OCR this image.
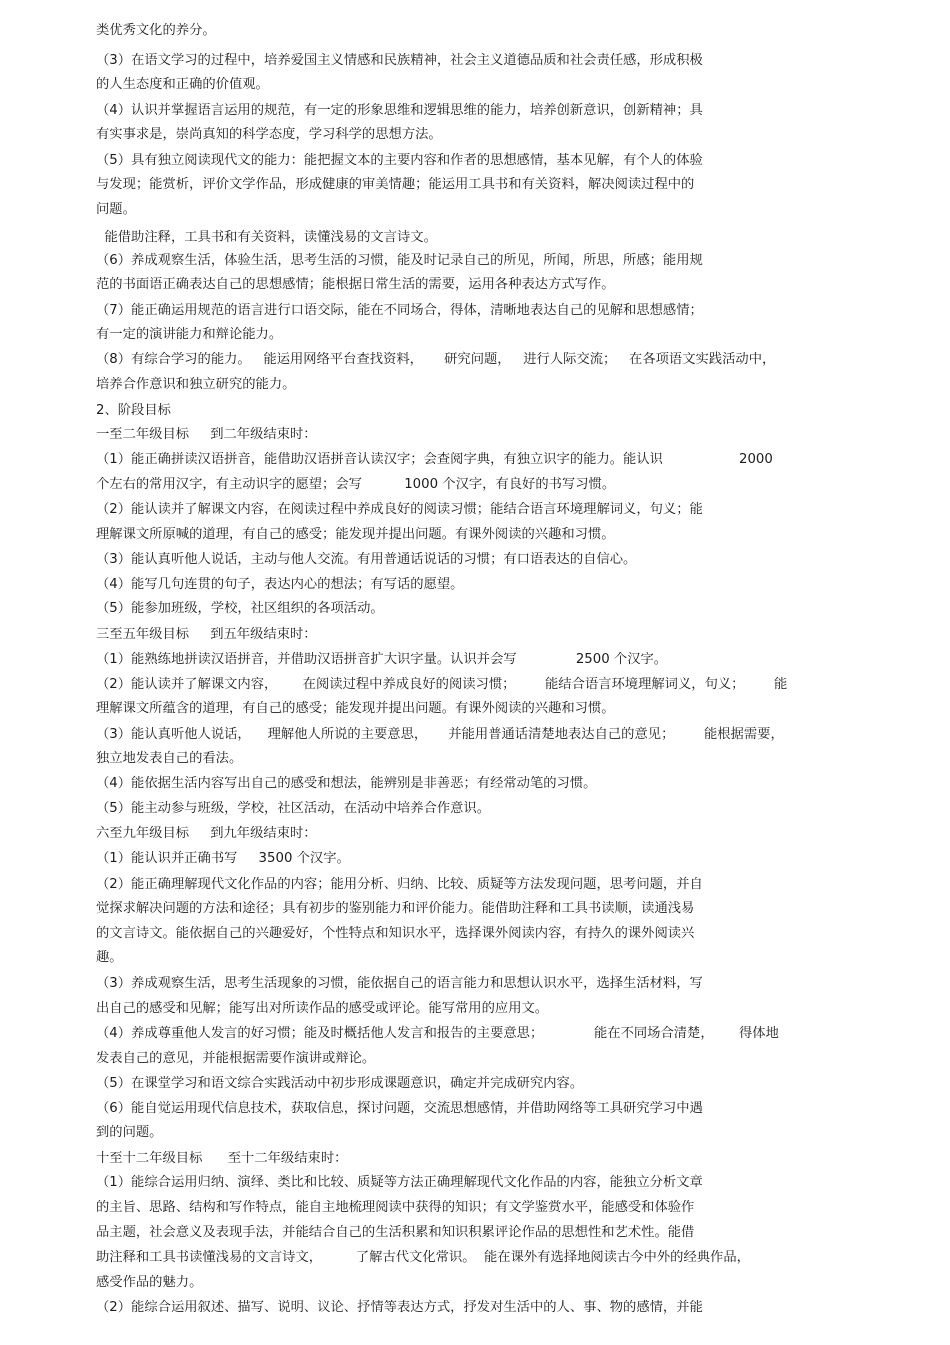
类优秀文化的养分。
（3）在语文学习的过程中，培养爱国主义情感和民族精神，社会主义道德品质和社会责任感，形成积极
的人生态度和正确的价值观。
（4）认识并掌握语言运用的规范，有一定的形象思维和逻辑思维的能力，培养创新意识，创新精神；具
有实事求是，崇尚真知的科学态度，学习科学的思想方法。
（5）具有独立阅读现代文的能力：能把握文本的主要内容和作者的思想感情，基本见解，有个人的体验
与发现；能赏析，评价文学作品，形成健康的审美情趣；能运用工具书和有关资料，解决阅读过程中的
问题。
能借助注释，工具书和有关资料，读懂浅易的文言诗文。
（6）养成观察生活，体验生活，思考生活的习惯，能及时记录自己的所见，所闻，所思，所感；能用规
范的书面语正确表达自己的思想感情；能根据日常生活的需要，运用各种表达方式写作。
（7）能正确运用规范的语言进行口语交际，能在不同场合，得体，清晰地表达自己的见解和思想感情；
有一定的演讲能力和辩论能力。
（8）有综合学习的能力。   能运用网络平台查找资料，     研究问题，   进行人际交流；   在各项语文实践活动中，
培养合作意识和独立研究的能力。
2、阶段目标
一至二年级目标     到二年级结束时：
（1）能正确拼读汉语拼音，能借助汉语拼音认读汉字；会查阅字典，有独立识字的能力。能认识                  2000
个左右的常用汉字，有主动识字的愿望；会写          1000 个汉字，有良好的书写习惯。
（2）能认读并了解课文内容，在阅读过程中养成良好的阅读习惯；能结合语言环境理解词义，句义；能
理解课文所原喊的道理，有自己的感受；能发现并提出问题。有课外阅读的兴趣和习惯。
（3）能认真听他人说话，主动与他人交流。有用普通话说话的习惯；有口语表达的自信心。
（4）能写几句连贯的句子，表达内心的想法；有写话的愿望。
（5）能参加班级，学校，社区组织的各项活动。
三至五年级目标     到五年级结束时：
（1）能熟练地拼读汉语拼音，并借助汉语拼音扩大识字量。认识并会写              2500 个汉字。
（2）能认读并了解课文内容，      在阅读过程中养成良好的阅读习惯；       能结合语言环境理解词义，句义；       能
理解课文所蕴含的道理，有自己的感受；能发现并提出问题。有课外阅读的兴趣和习惯。
（3）能认真听他人说话，    理解他人所说的主要意思，     并能用普通话清楚地表达自己的意见；       能根据需要，
独立地发表自己的看法。
（4）能依据生活内容写出自己的感受和想法，能辨别是非善恶；有经常动笔的习惯。
（5）能主动参与班级，学校，社区活动，在活动中培养合作意识。
六至九年级目标     到九年级结束时：
（1）能认识并正确书写     3500 个汉字。
（2）能正确理解现代文化作品的内容；能用分析、归纳、比较、质疑等方法发现问题，思考问题，并自
觉探求解决问题的方法和途径；具有初步的鉴别能力和评价能力。能借助注释和工具书读顺，读通浅易
的文言诗文。能依据自己的兴趣爱好，个性特点和知识水平，选择课外阅读内容，有持久的课外阅读兴
趣。
（3）养成观察生活，思考生活现象的习惯，能依据自己的语言能力和思想认识水平，选择生活材料，写
出自己的感受和见解；能写出对所读作品的感受或评论。能写常用的应用文。
（4）养成尊重他人发言的好习惯；能及时概括他人发言和报告的主要意思；            能在不同场合清楚，      得体地
发表自己的意见，并能根据需要作演讲或辩论。
（5）在课堂学习和语文综合实践活动中初步形成课题意识，确定并完成研究内容。
（6）能自觉运用现代信息技术，获取信息，探讨问题，交流思想感情，并借助网络等工具研究学习中遇
到的问题。
十至十二年级目标      至十二年级结束时：
（1）能综合运用归纳、演绎、类比和比较、质疑等方法正确理解现代文化作品的内容，能独立分析文章
的主旨、思路、结构和写作特点，能自主地梳理阅读中获得的知识；有文学鉴赏水平，能感受和体验作
品主题，社会意义及表现手法，并能结合自己的生活积累和知识积累评论作品的思想性和艺术性。能借
助注释和工具书读懂浅易的文言诗文，        了解古代文化常识。  能在课外有选择地阅读古今中外的经典作品，
感受作品的魅力。
（2）能综合运用叙述、描写、说明、议论、抒情等表达方式，抒发对生活中的人、事、物的感情，并能
